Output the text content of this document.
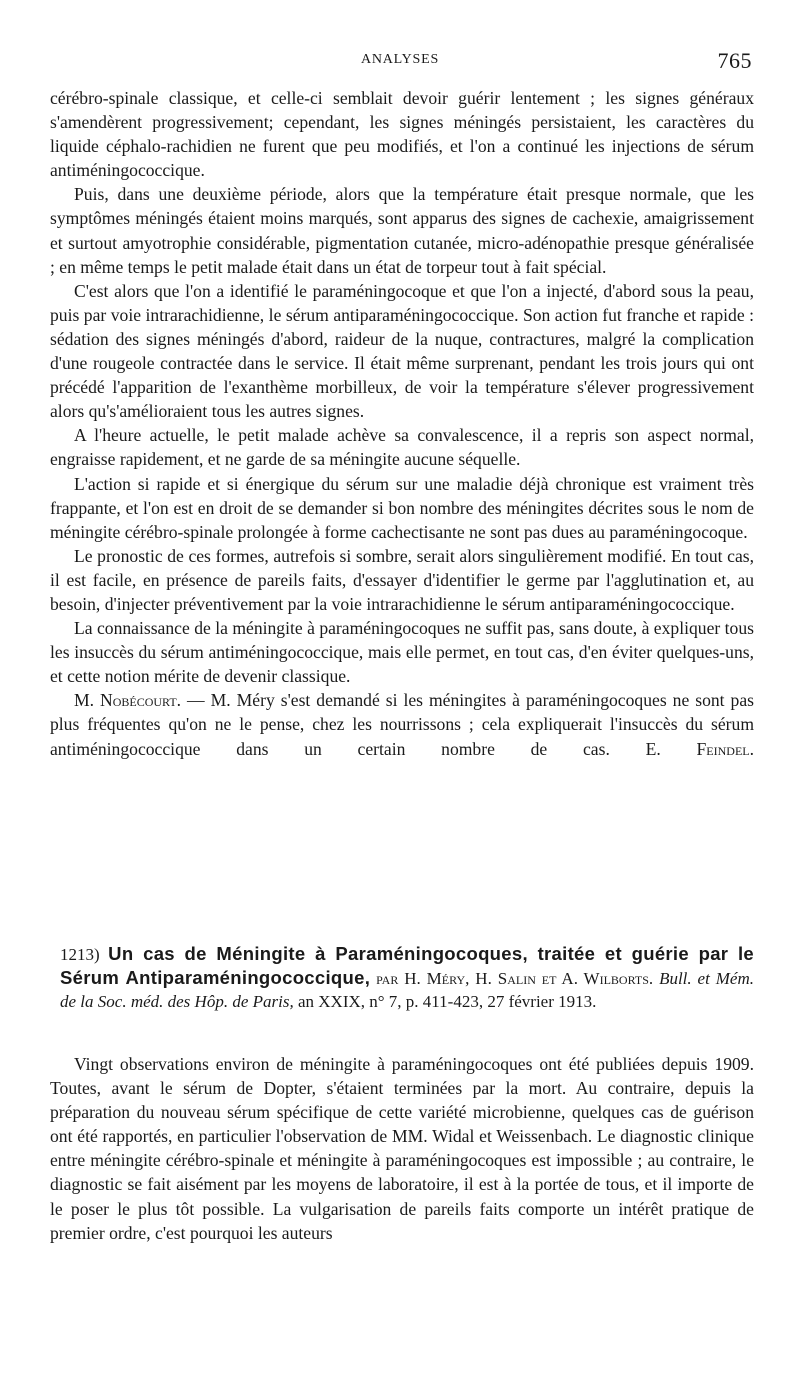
ANALYSES	765

cérébro-spinale classique, et celle-ci semblait devoir guérir lentement ; les signes généraux s'amendèrent progressivement; cependant, les signes méningés persistaient, les caractères du liquide céphalo-rachidien ne furent que peu modifiés, et l'on a continué les injections de sérum antiméningococcique.

Puis, dans une deuxième période, alors que la température était presque normale, que les symptômes méningés étaient moins marqués, sont apparus des signes de cachexie, amaigrissement et surtout amyotrophie considérable, pigmentation cutanée, micro-adénopathie presque généralisée ; en même temps le petit malade était dans un état de torpeur tout à fait spécial.

C'est alors que l'on a identifié le paraméningocoque et que l'on a injecté, d'abord sous la peau, puis par voie intrarachidienne, le sérum antiparaméningococcique. Son action fut franche et rapide : sédation des signes méningés d'abord, raideur de la nuque, contractures, malgré la complication d'une rougeole contractée dans le service. Il était même surprenant, pendant les trois jours qui ont précédé l'apparition de l'exanthème morbilleux, de voir la température s'élever progressivement alors qu's'amélioraient tous les autres signes.

A l'heure actuelle, le petit malade achève sa convalescence, il a repris son aspect normal, engraisse rapidement, et ne garde de sa méningite aucune séquelle.

L'action si rapide et si énergique du sérum sur une maladie déjà chronique est vraiment très frappante, et l'on est en droit de se demander si bon nombre des méningites décrites sous le nom de méningite cérébro-spinale prolongée à forme cachectisante ne sont pas dues au paraméningocoque.

Le pronostic de ces formes, autrefois si sombre, serait alors singulièrement modifié. En tout cas, il est facile, en présence de pareils faits, d'essayer d'identifier le germe par l'agglutination et, au besoin, d'injecter préventivement par la voie intrarachidienne le sérum antiparaméningococcique.

La connaissance de la méningite à paraméningocoques ne suffit pas, sans doute, à expliquer tous les insuccès du sérum antiméningococcique, mais elle permet, en tout cas, d'en éviter quelques-uns, et cette notion mérite de devenir classique.

M. Nobécourt. — M. Méry s'est demandé si les méningites à paraméningocoques ne sont pas plus fréquentes qu'on ne le pense, chez les nourrissons ; cela expliquerait l'insuccès du sérum antiméningococcique dans un certain nombre de cas. E. Feindel.

1213) Un cas de Méningite à Paraméningocoques, traitée et guérie par le Sérum Antiparaméningococcique, par H. Méry, H. Salin et A. Wilborts. Bull. et Mém. de la Soc. méd. des Hôp. de Paris, an XXIX, n° 7, p. 411-423, 27 février 1913.

Vingt observations environ de méningite à paraméningocoques ont été publiées depuis 1909. Toutes, avant le sérum de Dopter, s'étaient terminées par la mort. Au contraire, depuis la préparation du nouveau sérum spécifique de cette variété microbienne, quelques cas de guérison ont été rapportés, en particulier l'observation de MM. Widal et Weissenbach. Le diagnostic clinique entre méningite cérébro-spinale et méningite à paraméningocoques est impossible ; au contraire, le diagnostic se fait aisément par les moyens de laboratoire, il est à la portée de tous, et il importe de le poser le plus tôt possible. La vulgarisation de pareils faits comporte un intérêt pratique de premier ordre, c'est pourquoi les auteurs
